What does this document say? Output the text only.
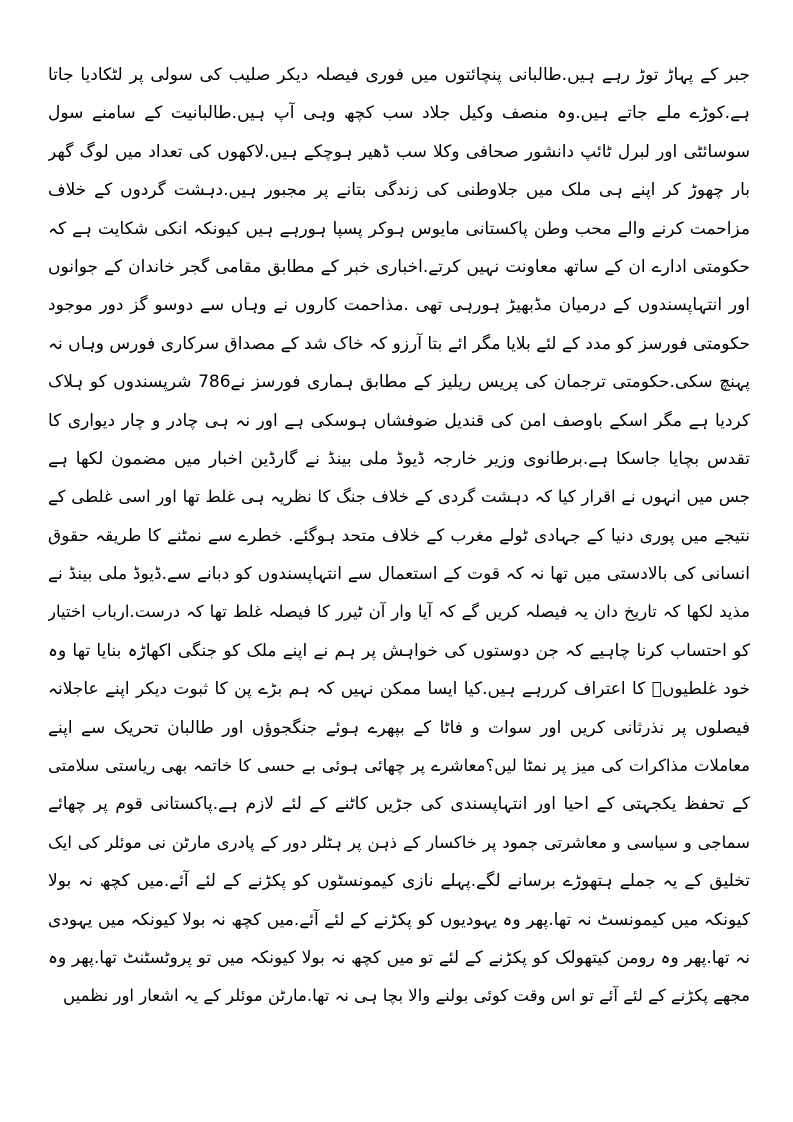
جبر کے پہاڑ توڑ رہے ہیں.طالبانی پنچائتوں میں فوری فیصلہ دیکر صلیب کی سولی پر لٹکادیا جاتا
ہے.کوڑے ملے جاتے ہیں.وہ منصف وکیل جلاد سب کچھ وہی آپ ہیں.طالبانیت کے سامنے سول
سوسائٹی اور لبرل ٹائپ دانشور صحافی وکلا سب ڈھیر ہوچکے ہیں.لاکھوں کی تعداد میں لوگ گھر
بار چھوڑ کر اپنے ہی ملک میں جلاوطنی کی زندگی بتانے پر مجبور ہیں.دہشت گردوں کے خلاف
مزاحمت کرنے والے محب وطن پاکستانی مایوس ہوکر پسپا ہورہے ہیں کیونکہ انکی شکایت ہے کہ
حکومتی ادارے ان کے ساتھ معاونت نہیں کرتے.اخباری خبر کے مطابق مقامی گجر خاندان کے جوانوں
اور انتہاپسندوں کے درمیان مڈبھیڑ ہورہی تھی .مذاحمت کاروں نے وہاں سے دوسو گز دور موجود
حکومتی فورسز کو مدد کے لئے بلایا مگر ائے بتا آرزو کہ خاک شد کے مصداق سرکاری فورس وہاں نہ
پہنچ سکی.حکومتی ترجمان کی پریس ریلیز کے مطابق ہماری فورسز نے786 شرپسندوں کو ہلاک
کردیا ہے مگر اسکے باوصف امن کی قندیل ضوفشاں ہوسکی ہے اور نہ ہی چادر و چار دیواری کا
تقدس بچایا جاسکا ہے.برطانوی وزیر خارجہ ڈیوڈ ملی بینڈ نے گارڈین اخبار میں مضمون لکھا ہے
جس میں انہوں نے اقرار کیا کہ دہشت گردی کے خلاف جنگ کا نظریہ ہی غلط تھا اور اسی غلطی کے
نتیجے میں پوری دنیا کے جہادی ٹولے مغرب کے خلاف متحد ہوگئے. خطرے سے نمٹنے کا طریقہ حقوق
انسانی کی بالادستی میں تھا نہ کہ قوت کے استعمال سے انتہاپسندوں کو دبانے سے.ڈیوڈ ملی بینڈ نے
مذید لکھا کہ تاریخ دان یہ فیصلہ کریں گے کہ آیا وار آن ٹیرر کا فیصلہ غلط تھا کہ درست.ارباب اختیار
کو احتساب کرنا چاہیے کہ جن دوستوں کی خواہش پر ہم نے اپنے ملک کو جنگی اکھاڑہ بنایا تھا وہ
خود غلطیوںؓ کا اعتراف کررہے ہیں.کیا ایسا ممکن نہیں کہ ہم بڑے پن کا ثبوت دیکر اپنے عاجلانہ
فیصلوں پر نذرثانی کریں اور سوات و فاٹا کے بپھرے ہوئے جنگجوؤں اور طالبان تحریک سے اپنے
معاملات مذاکرات کی میز پر نمٹا لیں؟معاشرے پر چھائی ہوئی بے حسی کا خاتمہ بھی ریاستی سلامتی
کے تحفظ یکجہتی کے احیا اور انتہاپسندی کی جڑیں کاٹنے کے لئے لازم ہے.پاکستانی قوم پر چھائے
سماجی و سیاسی و معاشرتی جمود پر خاکسار کے ذہن پر ہٹلر دور کے پادری مارٹن نی موئلر کی ایک
تخلیق کے یہ جملے ہتھوڑے برسانے لگے.پہلے نازی کیمونسٹوں کو پکڑنے کے لئے آئے.میں کچھ نہ بولا
کیونکہ میں کیمونسٹ نہ تھا.پھر وہ یہودیوں کو پکڑنے کے لئے آئے.میں کچھ نہ بولا کیونکہ میں یہودی
نہ تھا.پھر وہ رومن کیتھولک کو پکڑنے کے لئے تو میں کچھ نہ بولا کیونکہ میں تو پروٹسٹنٹ تھا.پھر وہ
مجھے پکڑنے کے لئے آئے تو اس وقت کوئی بولنے والا بچا ہی نہ تھا.مارٹن موئلر کے یہ اشعار اور نظمیں
